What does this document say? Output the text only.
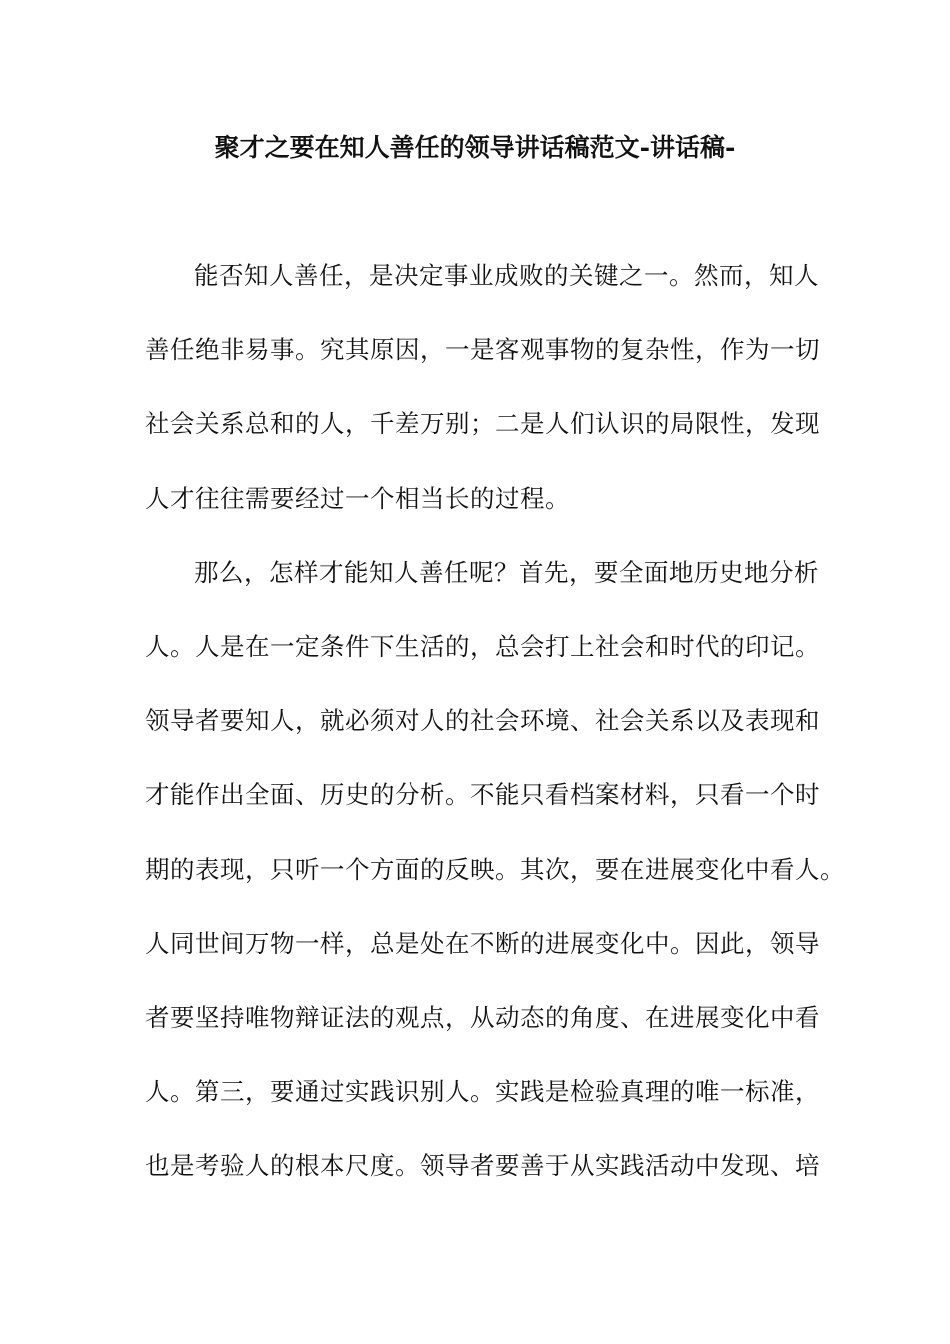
聚才之要在知人善任的领导讲话稿范文-讲话稿-
能否知人善任，是决定事业成败的关键之一。然而，知人
善任绝非易事。究其原因，一是客观事物的复杂性，作为一切
社会关系总和的人，千差万别；二是人们认识的局限性，发现
人才往往需要经过一个相当长的过程。
那么，怎样才能知人善任呢？首先，要全面地历史地分析
人。人是在一定条件下生活的，总会打上社会和时代的印记。
领导者要知人，就必须对人的社会环境、社会关系以及表现和
才能作出全面、历史的分析。不能只看档案材料，只看一个时
期的表现，只听一个方面的反映。其次，要在进展变化中看人。
人同世间万物一样，总是处在不断的进展变化中。因此，领导
者要坚持唯物辩证法的观点，从动态的角度、在进展变化中看
人。第三，要通过实践识别人。实践是检验真理的唯一标准，
也是考验人的根本尺度。领导者要善于从实践活动中发现、培
